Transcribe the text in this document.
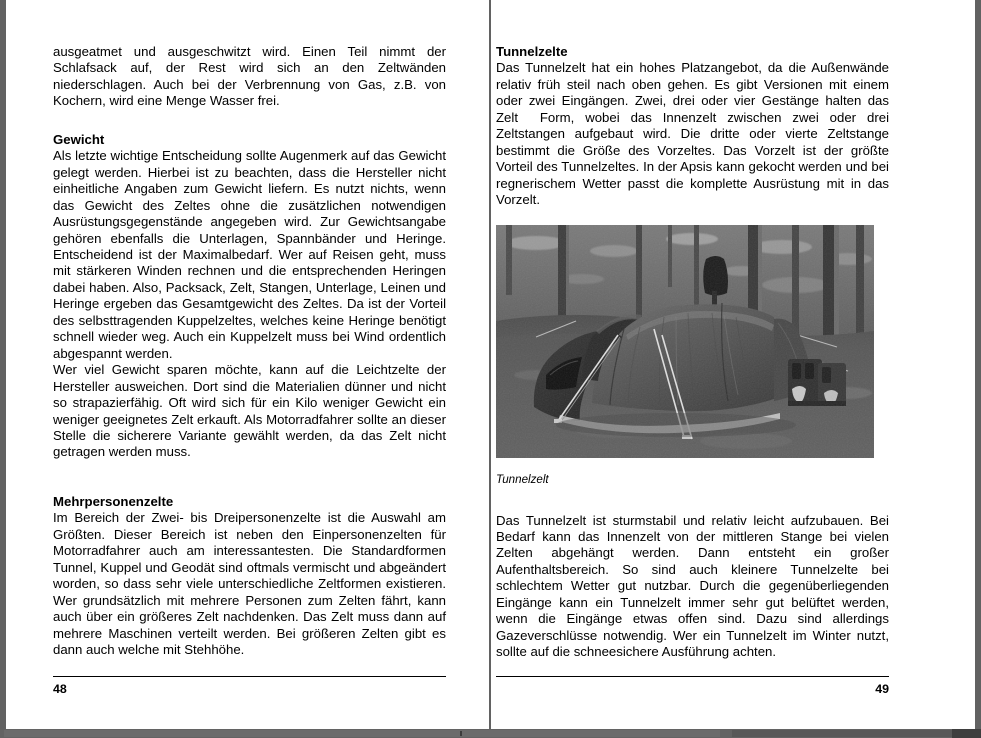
ausgeatmet und ausgeschwitzt wird. Einen Teil nimmt der Schlafsack auf, der Rest wird sich an den Zeltwänden niederschlagen. Auch bei der Verbrennung von Gas, z.B. von Kochern, wird eine Menge Wasser frei.

Gewicht

Als letzte wichtige Entscheidung sollte Augenmerk auf das Gewicht gelegt werden. Hierbei ist zu beachten, dass die Hersteller nicht einheitliche Angaben zum Gewicht liefern. Es nutzt nichts, wenn das Gewicht des Zeltes ohne die zusätzlichen notwendigen Ausrüstungsgegenstände angegeben wird. Zur Gewichtsangabe gehören ebenfalls die Unterlagen, Spannbänder und Heringe. Entscheidend ist der Maximalbedarf. Wer auf Reisen geht, muss mit stärkeren Winden rechnen und die entsprechenden Heringen dabei haben. Also, Packsack, Zelt, Stangen, Unterlage, Leinen und Heringe ergeben das Gesamtgewicht des Zeltes. Da ist der Vorteil des selbsttragenden Kuppelzeltes, welches keine Heringe benötigt schnell wieder weg. Auch ein Kuppelzelt muss bei Wind ordentlich abgespannt werden.

Wer viel Gewicht sparen möchte, kann auf die Leichtzelte der Hersteller ausweichen. Dort sind die Materialien dünner und nicht so strapazierfähig. Oft wird sich für ein Kilo weniger Gewicht ein weniger geeignetes Zelt erkauft. Als Motorradfahrer sollte an dieser Stelle die sicherere Variante gewählt werden, da das Zelt nicht getragen werden muss.

Mehrpersonenzelte

Im Bereich der Zwei- bis Dreipersonenzelte ist die Auswahl am Größten. Dieser Bereich ist neben den Einpersonenzelten für Motorradfahrer auch am interessantesten. Die Standardformen Tunnel, Kuppel und Geodät sind oftmals vermischt und abgeändert worden, so dass sehr viele unterschiedliche Zeltformen existieren. Wer grundsätzlich mit mehrere Personen zum Zelten fährt, kann auch über ein größeres Zelt nachdenken. Das Zelt muss dann auf mehrere Maschinen verteilt werden. Bei größeren Zelten gibt es dann auch welche mit Stehhöhe.

48
Tunnelzelte

Das Tunnelzelt hat ein hohes Platzangebot, da die Außenwände relativ früh steil nach oben gehen. Es gibt Versionen mit einem oder zwei Eingängen. Zwei, drei oder vier Gestänge halten das Zelt  Form, wobei das Innenzelt zwischen zwei oder drei Zeltstangen aufgebaut wird. Die dritte oder vierte Zeltstange bestimmt die Größe des Vorzeltes. Das Vorzelt ist der größte Vorteil des Tunnelzeltes. In der Apsis kann gekocht werden und bei regnerischem Wetter passt die komplette Ausrüstung mit in das Vorzelt.

Tunnelzelt

Das Tunnelzelt ist sturmstabil und relativ leicht aufzubauen. Bei Bedarf kann das Innenzelt von der mittleren Stange bei vielen Zelten abgehängt werden. Dann entsteht ein großer Aufenthaltsbereich. So sind auch kleinere Tunnelzelte bei schlechtem Wetter gut nutzbar. Durch die gegenüberliegenden Eingänge kann ein Tunnelzelt immer sehr gut belüftet werden, wenn die Eingänge etwas offen sind. Dazu sind allerdings Gazeverschlüsse notwendig. Wer ein Tunnelzelt im Winter nutzt, sollte auf die schneesichere Ausführung achten.

49
